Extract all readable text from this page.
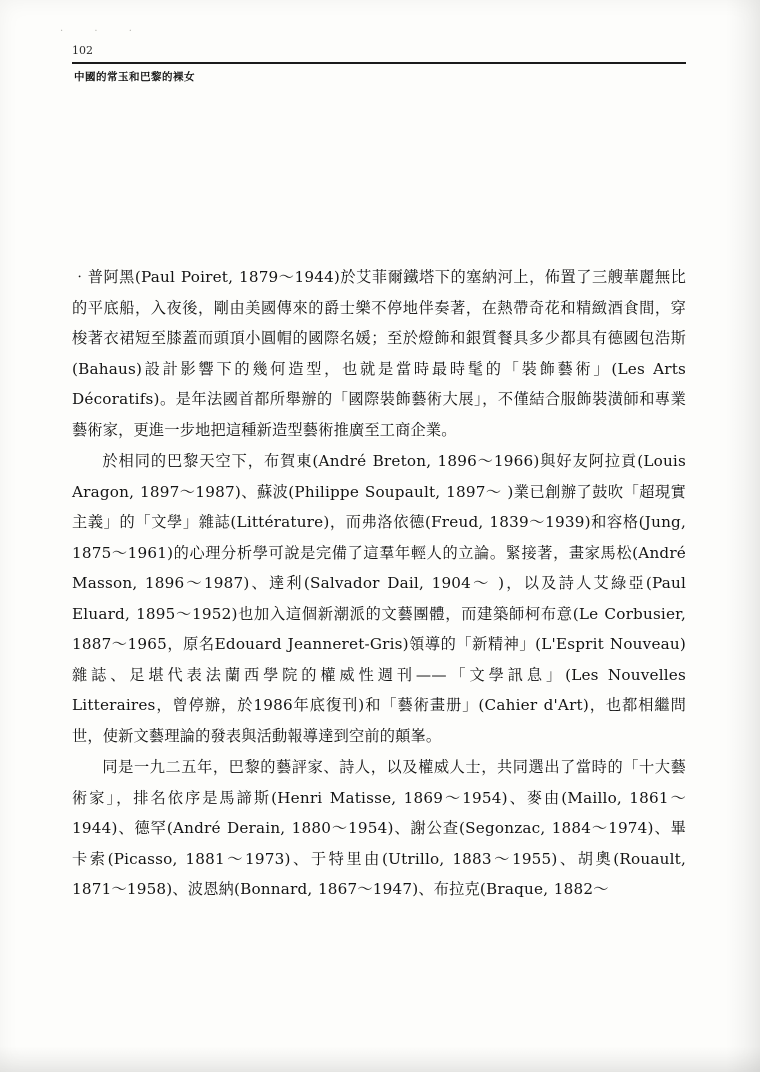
· · ·
102
中國的常玉和巴黎的裸女

‧普阿黑(Paul Poiret, 1879～1944)於艾菲爾鐵塔下的塞納河上，佈置了三艘華麗無比的平底船，入夜後，剛由美國傳來的爵士樂不停地伴奏著，在熱帶奇花和精緻酒食間，穿梭著衣裙短至膝蓋而頭頂小圓帽的國際名媛；至於燈飾和銀質餐具多少都具有德國包浩斯 (Bahaus)設計影響下的幾何造型，也就是當時最時髦的「裝飾藝術」(Les Arts Décoratifs)。是年法國首都所舉辦的「國際裝飾藝術大展」，不僅結合服飾裝潢師和專業藝術家，更進一步地把這種新造型藝術推廣至工商企業。

於相同的巴黎天空下，布賀東(André Breton, 1896～1966)與好友阿拉貢(Louis Aragon, 1897～1987)、蘇波(Philippe Soupault, 1897～ )業已創辦了鼓吹「超現實主義」的「文學」雜誌(Littérature)，而弗洛依德(Freud, 1839～1939)和容格(Jung, 1875～1961)的心理分析學可說是完備了這羣年輕人的立論。緊接著，畫家馬松(André Masson, 1896～1987)、達利(Salvador Dail, 1904～ )，以及詩人艾綠亞(Paul Eluard, 1895～1952)也加入這個新潮派的文藝團體，而建築師柯布意(Le Corbusier, 1887～1965，原名Edouard Jeanneret-Gris)領導的「新精神」(L'Esprit Nouveau)雜誌、足堪代表法蘭西學院的權威性週刊——「文學訊息」(Les Nouvelles Litteraires，曾停辦，於1986年底復刊)和「藝術畫册」(Cahier d'Art)，也都相繼問世，使新文藝理論的發表與活動報導達到空前的顛峯。

同是一九二五年，巴黎的藝評家、詩人，以及權威人士，共同選出了當時的「十大藝術家」，排名依序是馬諦斯(Henri Matisse, 1869～1954)、麥由(Maillo, 1861～1944)、德罕(André Derain, 1880～1954)、謝公查(Segonzac, 1884～1974)、畢卡索(Picasso, 1881～1973)、于特里由(Utrillo, 1883～1955)、胡奧(Rouault, 1871～1958)、波恩納(Bonnard, 1867～1947)、布拉克(Braque, 1882～
